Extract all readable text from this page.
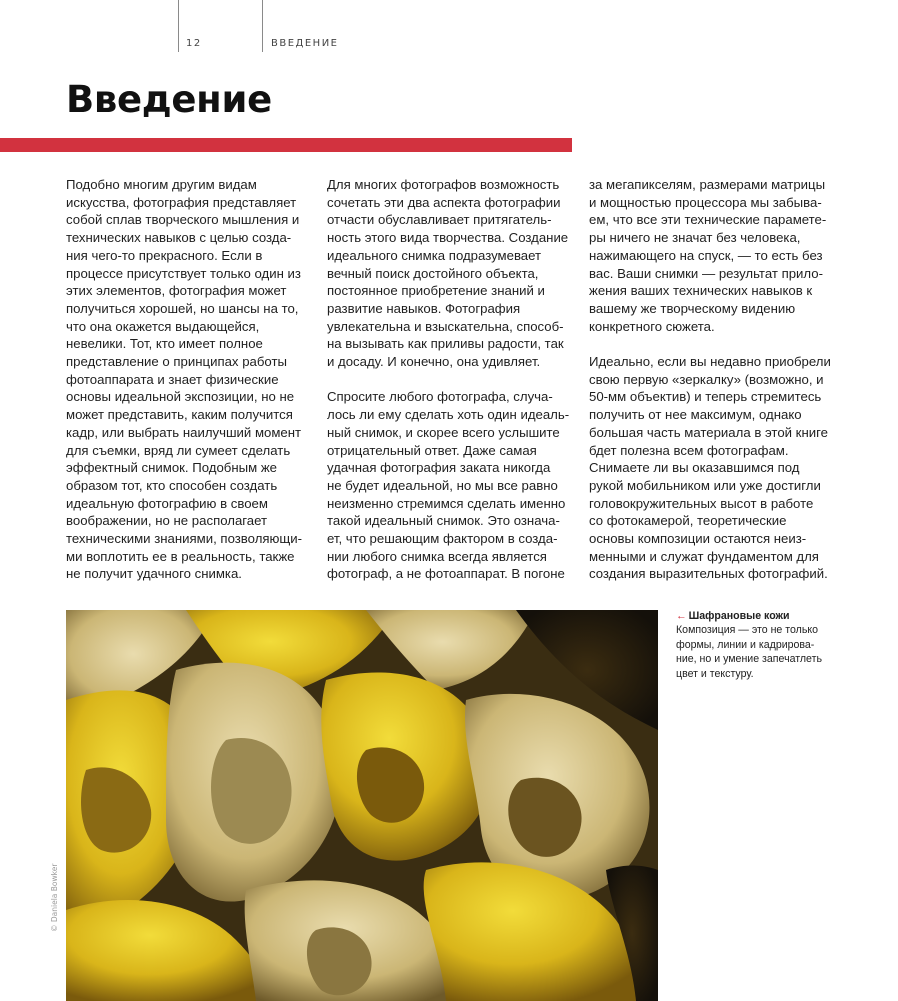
12	ВВЕДЕНИЕ
Введение

Подобно многим другим видам

искусства, фотография представляет

собой сплав творческого мышления и

технических навыков с целью созда-

ния чего-то прекрасного. Если в

процессе присутствует только один из

этих элементов, фотография может

получиться хорошей, но шансы на то,

что она окажется выдающейся,

невелики. Тот, кто имеет полное

представление о принципах работы

фотоаппарата и знает физические

основы идеальной экспозиции, но не

может представить, каким получится

кадр, или выбрать наилучший момент

для съемки, вряд ли сумеет сделать

эффектный снимок. Подобным же

образом тот, кто способен создать

идеальную фотографию в своем

воображении, но не располагает

техническими знаниями, позволяющи-

ми воплотить ее в реальность, также

не получит удачного снимка.

Для многих фотографов возможность

сочетать эти два аспекта фотографии

отчасти обуславливает притягатель-

ность этого вида творчества. Создание

идеального снимка подразумевает

вечный поиск достойного объекта,

постоянное приобретение знаний и

развитие навыков. Фотография

увлекательна и взыскательна, способ-

на вызывать как приливы радости, так

и досаду. И конечно, она удивляет.

Спросите любого фотографа, случа-

лось ли ему сделать хоть один идеаль-

ный снимок, и скорее всего услышите

отрицательный ответ. Даже самая

удачная фотография заката никогда

не будет идеальной, но мы все равно

неизменно стремимся сделать именно

такой идеальный снимок. Это означа-

ет, что решающим фактором в созда-

нии любого снимка всегда является

фотограф, а не фотоаппарат. В погоне

за мегапикселям, размерами матрицы

и мощностью процессора мы забыва-

ем, что все эти технические парамете-

ры ничего не значат без человека,

нажимающего на спуск, — то есть без

вас. Ваши снимки — результат прило-

жения ваших технических навыков к

вашему же творческому видению

конкретного сюжета.

Идеально, если вы недавно приобрели

свою первую «зеркалку» (возможно, и

50-мм объектив) и теперь стремитесь

получить от нее максимум, однако

большая часть материала в этой книге

бдет полезна всем фотографам.

Снимаете ли вы оказавшимся под

рукой мобильником или уже достигли

головокружительных высот в работе

со фотокамерой, теоретические

основы композиции остаются неиз-

менными и служат фундаментом для

создания выразительных фотографий.

© Daniela Bowker
← Шафрановые кожи
Композиция — это не только
формы, линии и кадрирова-
ние, но и умение запечатлеть
цвет и текстуру.
